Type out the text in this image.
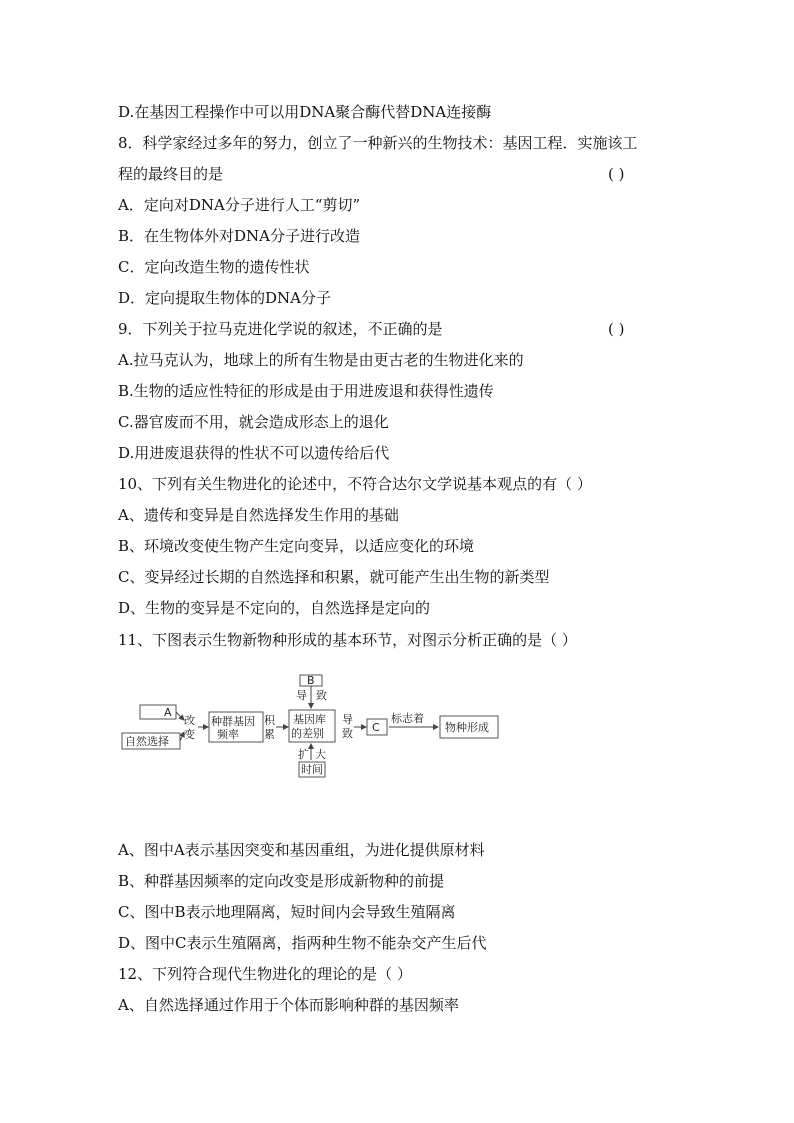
D.在基因工程操作中可以用DNA聚合酶代替DNA连接酶
8．科学家经过多年的努力，创立了一种新兴的生物技术：基因工程．实施该工
程的最终目的是	( )
A．定向对DNA分子进行人工“剪切”
B．在生物体外对DNA分子进行改造
C．定向改造生物的遗传性状
D．定向提取生物体的DNA分子
9．下列关于拉马克进化学说的叙述，不正确的是	( )
A.拉马克认为，地球上的所有生物是由更古老的生物进化来的
B.生物的适应性特征的形成是由于用进废退和获得性遗传
C.器官废而不用，就会造成形态上的退化
D.用进废退获得的性状不可以遗传给后代
10、下列有关生物进化的论述中，不符合达尔文学说基本观点的有（ ）
A、遗传和变异是自然选择发生作用的基础
B、环境改变使生物产生定向变异，以适应变化的环境
C、变异经过长期的自然选择和积累，就可能产生出生物的新类型
D、生物的变异是不定向的，自然选择是定向的
11、下图表示生物新物种形成的基本环节，对图示分析正确的是（ ）
A
自然选择
改
变
种群基因
频率
积
累
基因库
的差别
B
导 致
扩 大
时间
导
致 C
标志着
物种形成
A、图中A表示基因突变和基因重组，为进化提供原材料
B、种群基因频率的定向改变是形成新物种的前提
C、图中B表示地理隔离，短时间内会导致生殖隔离
D、图中C表示生殖隔离，指两种生物不能杂交产生后代
12、下列符合现代生物进化的理论的是（ ）
A、自然选择通过作用于个体而影响种群的基因频率
